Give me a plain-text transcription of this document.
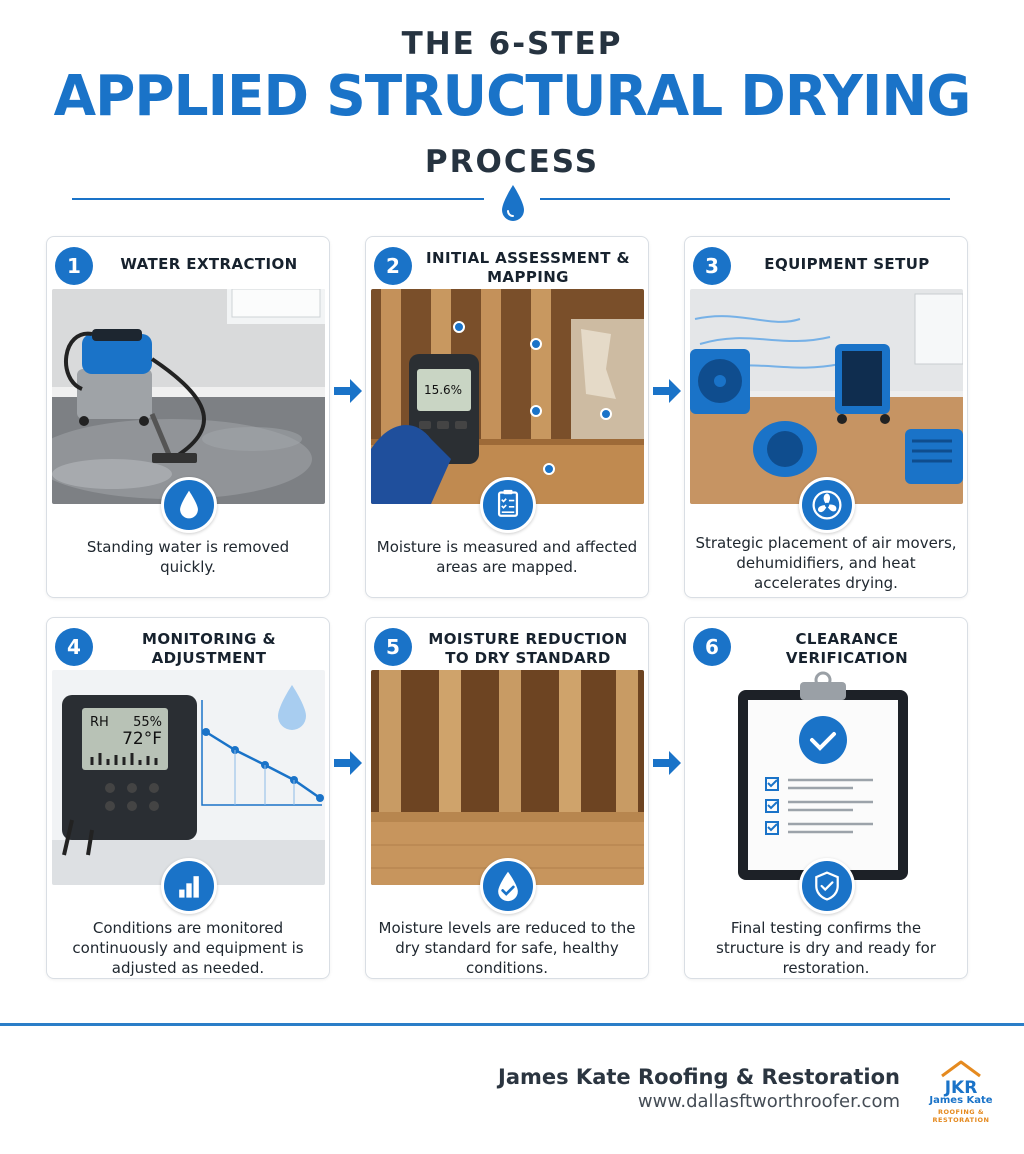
THE 6-STEP
APPLIED STRUCTURAL DRYING
PROCESS
1	WATER EXTRACTION
Standing water is removed quickly.
2	INITIAL ASSESSMENT & MAPPING
15.6%
Moisture is measured and affected areas are mapped.
3	EQUIPMENT SETUP
Strategic placement of air movers, dehumidifiers, and heat accelerates drying.
4	MONITORING & ADJUSTMENT
RH 55%
72°F
Conditions are monitored continuously and equipment is adjusted as needed.
5	MOISTURE REDUCTION TO DRY STANDARD
Moisture levels are reduced to the dry standard for safe, healthy conditions.
6	CLEARANCE VERIFICATION
Final testing confirms the structure is dry and ready for restoration.
James Kate Roofing & Restoration
www.dallasftworthroofer.com
JKR
James Kate
ROOFING &
RESTORATION
